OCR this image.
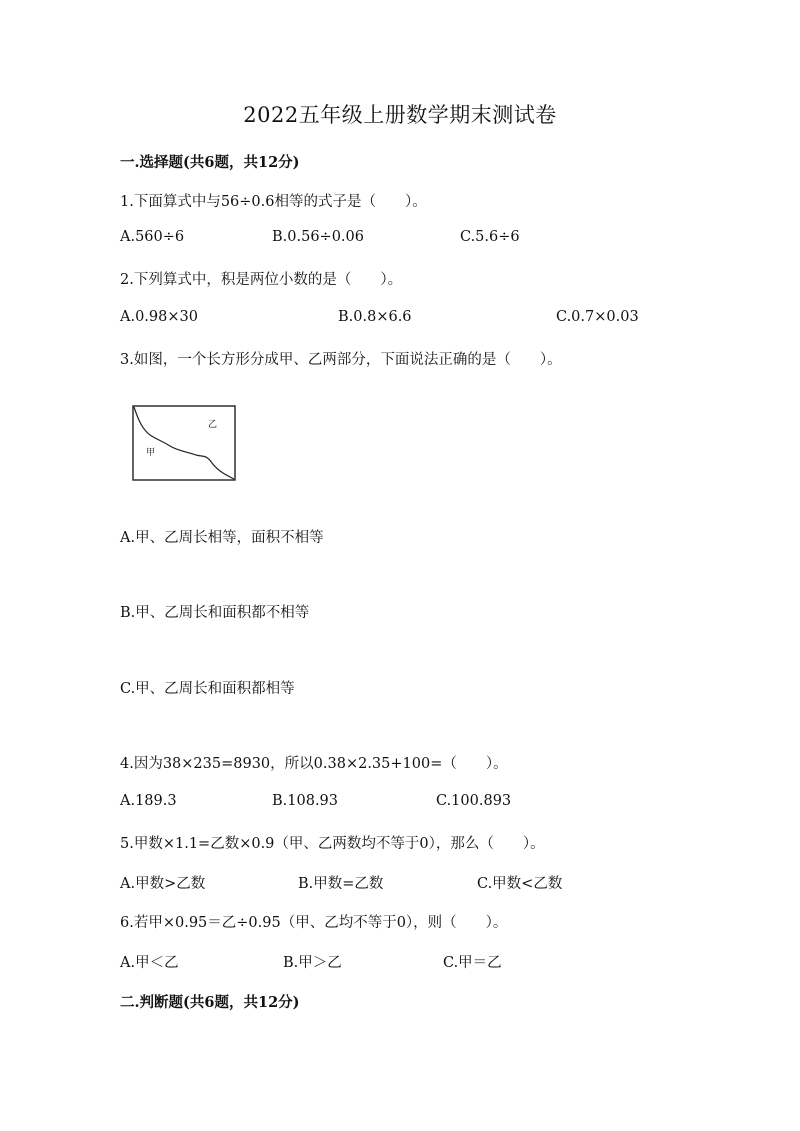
2022五年级上册数学期末测试卷
一.选择题(共6题，共12分)
1.下面算式中与56÷0.6相等的式子是（　　）。
A.560÷6	B.0.56÷0.06	C.5.6÷6
2.下列算式中，积是两位小数的是（　　）。
A.0.98×30	B.0.8×6.6	C.0.7×0.03
3.如图，一个长方形分成甲、乙两部分，下面说法正确的是（　　）。
乙
甲
A.甲、乙周长相等，面积不相等
B.甲、乙周长和面积都不相等
C.甲、乙周长和面积都相等
4.因为38×235=8930，所以0.38×2.35+100=（　　）。
A.189.3	B.108.93	C.100.893
5.甲数×1.1=乙数×0.9（甲、乙两数均不等于0），那么（　　）。
A.甲数>乙数	B.甲数=乙数	C.甲数<乙数
6.若甲×0.95＝乙÷0.95（甲、乙均不等于0），则（　　）。
A.甲＜乙	B.甲＞乙	C.甲＝乙
二.判断题(共6题，共12分)
